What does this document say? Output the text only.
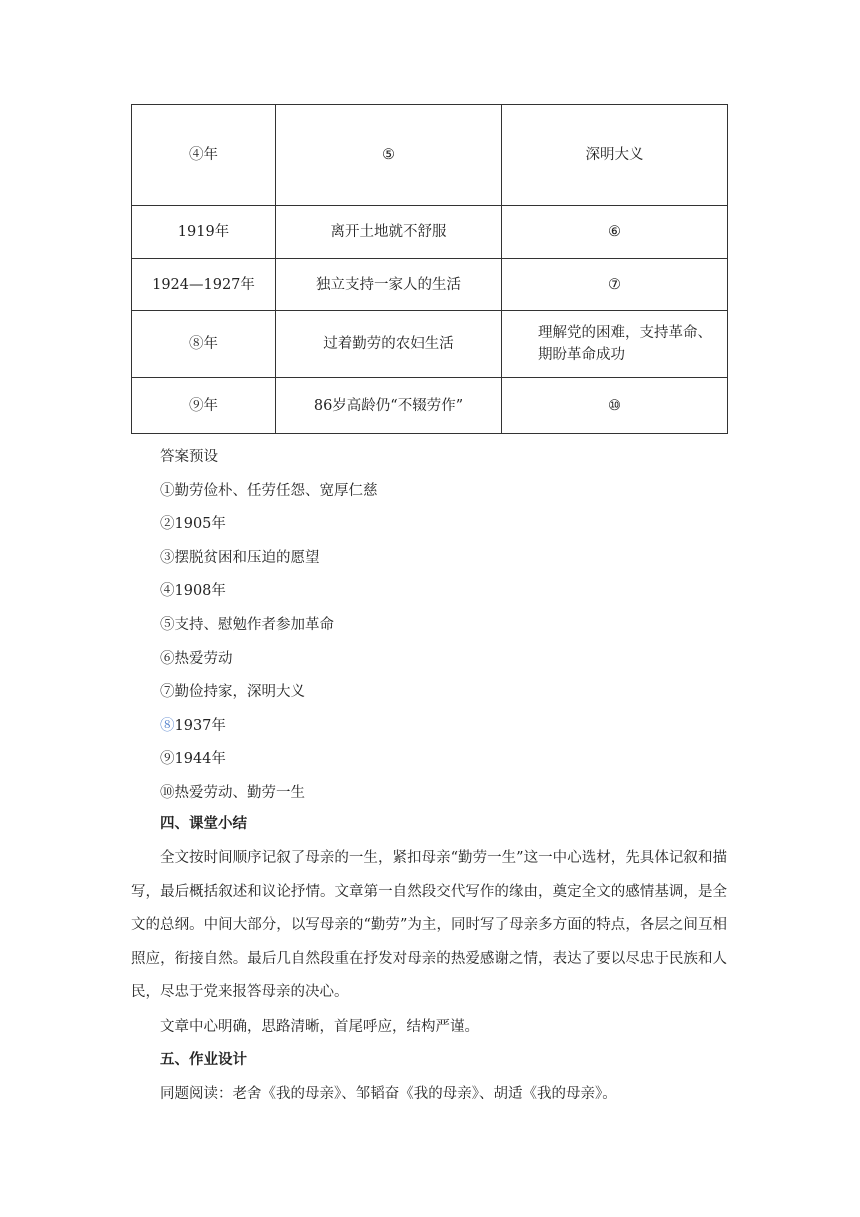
④年	⑤	深明大义
1919年	离开土地就不舒服	⑥
1924—1927年	独立支持一家人的生活	⑦
⑧年	过着勤劳的农妇生活	理解党的困难，支持革命、期盼革命成功
⑨年	86岁高龄仍“不辍劳作”	⑩
答案预设
①勤劳俭朴、任劳任怨、宽厚仁慈
②1905年
③摆脱贫困和压迫的愿望
④1908年
⑤支持、慰勉作者参加革命
⑥热爱劳动
⑦勤俭持家，深明大义
⑧1937年
⑨1944年
⑩热爱劳动、勤劳一生
四、课堂小结

全文按时间顺序记叙了母亲的一生，紧扣母亲“勤劳一生”这一中心选材，先具体记叙和描写，最后概括叙述和议论抒情。文章第一自然段交代写作的缘由，奠定全文的感情基调，是全文的总纲。中间大部分，以写母亲的“勤劳”为主，同时写了母亲多方面的特点，各层之间互相照应，衔接自然。最后几自然段重在抒发对母亲的热爱感谢之情，表达了要以尽忠于民族和人民，尽忠于党来报答母亲的决心。

文章中心明确，思路清晰，首尾呼应，结构严谨。
五、作业设计
同题阅读：老舍《我的母亲》、邹韬奋《我的母亲》、胡适《我的母亲》。
